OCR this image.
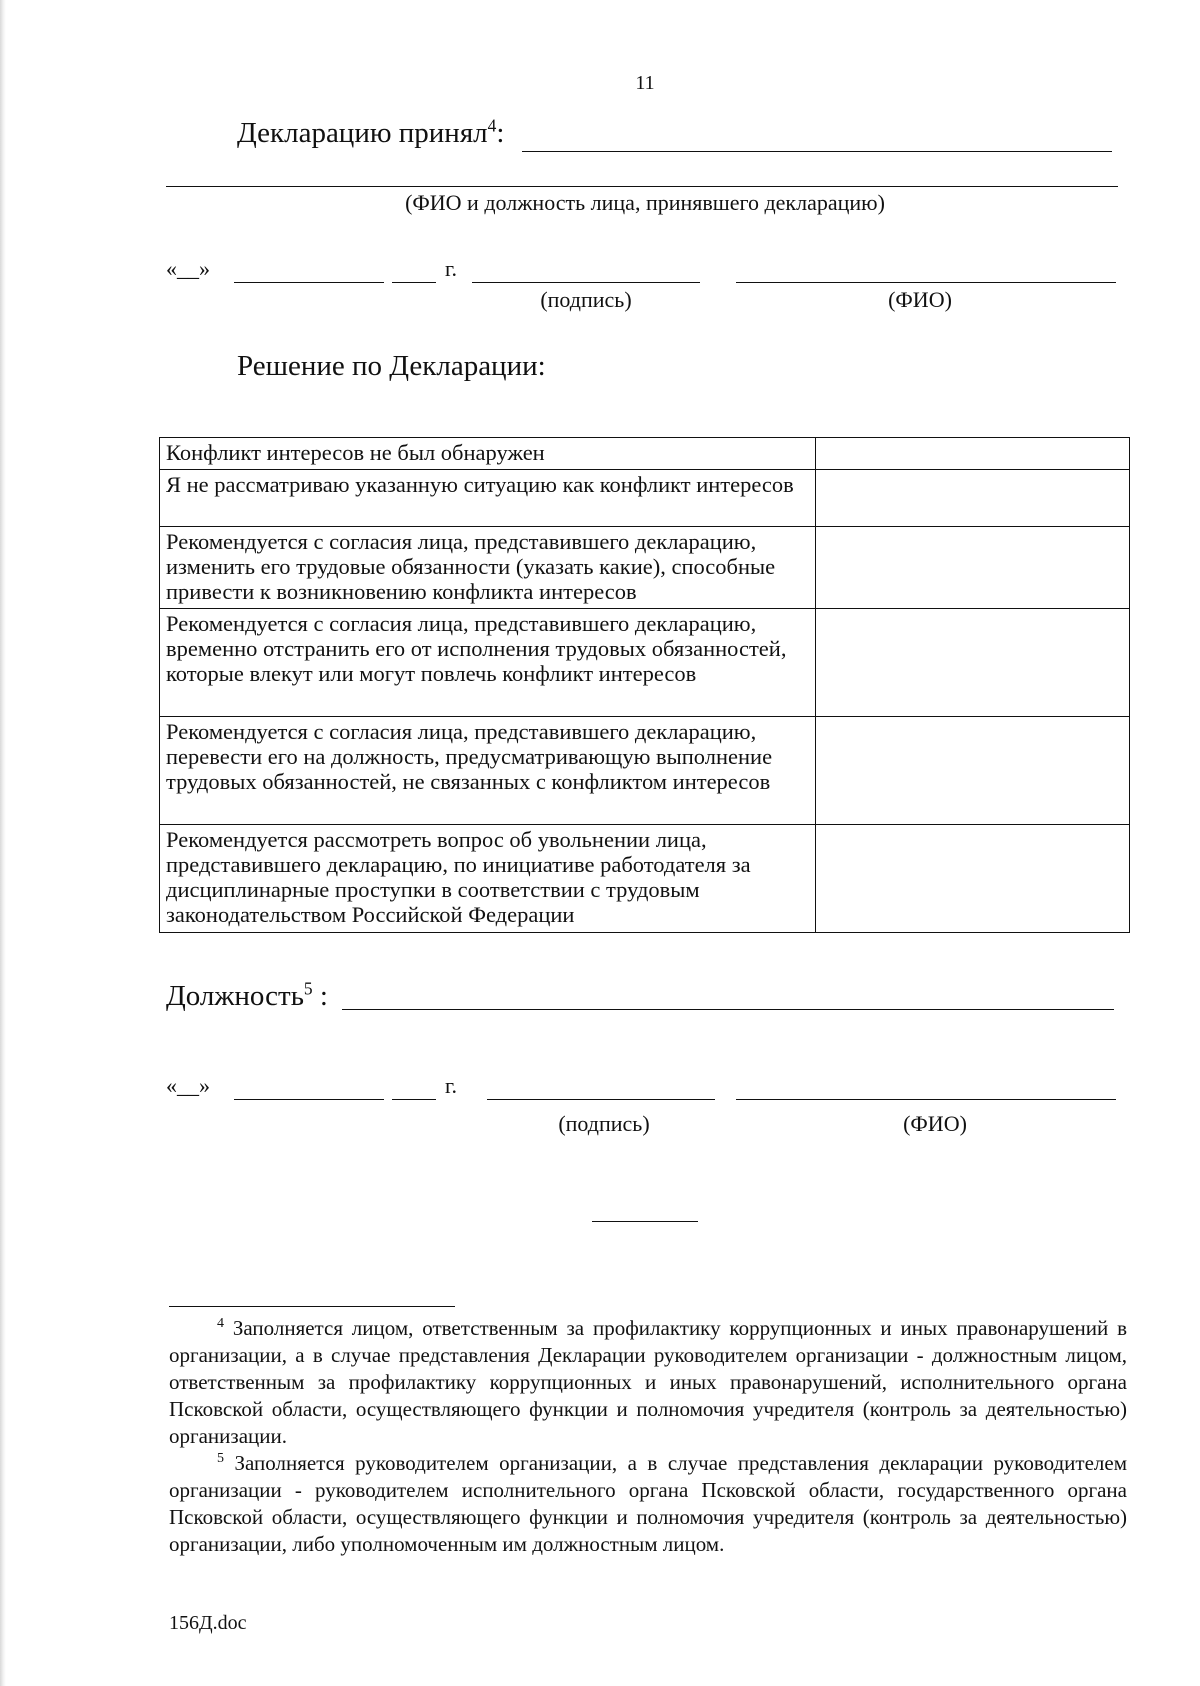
11
Декларацию принял$^4$:
(ФИО и должность лица, принявшего декларацию)
«__»	г.
(подпись)	(ФИО)
Решение по Декларации:
Конфликт интересов не был обнаружен	
Я не рассматриваю указанную ситуацию как конфликт интересов	
Рекомендуется с согласия лица, представившего декларацию, изменить его трудовые обязанности (указать какие), способные привести к возникновению конфликта интересов	
Рекомендуется с согласия лица, представившего декларацию, временно отстранить его от исполнения трудовых обязанностей, которые влекут или могут повлечь конфликт интересов	
Рекомендуется с согласия лица, представившего декларацию, перевести его на должность, предусматривающую выполнение трудовых обязанностей, не связанных с конфликтом интересов	
Рекомендуется рассмотреть вопрос об увольнении лица, представившего декларацию, по инициативе работодателя за дисциплинарные проступки в соответствии с трудовым законодательством Российской Федерации	
Должность$^5$ :
«__»	г.
(подпись)	(ФИО)

$^4$ Заполняется лицом, ответственным за профилактику коррупционных и иных правонарушений в организации, а в случае представления Декларации руководителем организации - должностным лицом, ответственным за профилактику коррупционных и иных правонарушений, исполнительного органа Псковской области, осуществляющего функции и полномочия учредителя (контроль за деятельностью) организации.

$^5$ Заполняется руководителем организации, а в случае представления декларации руководителем организации - руководителем исполнительного органа Псковской области, государственного органа Псковской области, осуществляющего функции и полномочия учредителя (контроль за деятельностью) организации, либо уполномоченным им должностным лицом.

156Д.doc
